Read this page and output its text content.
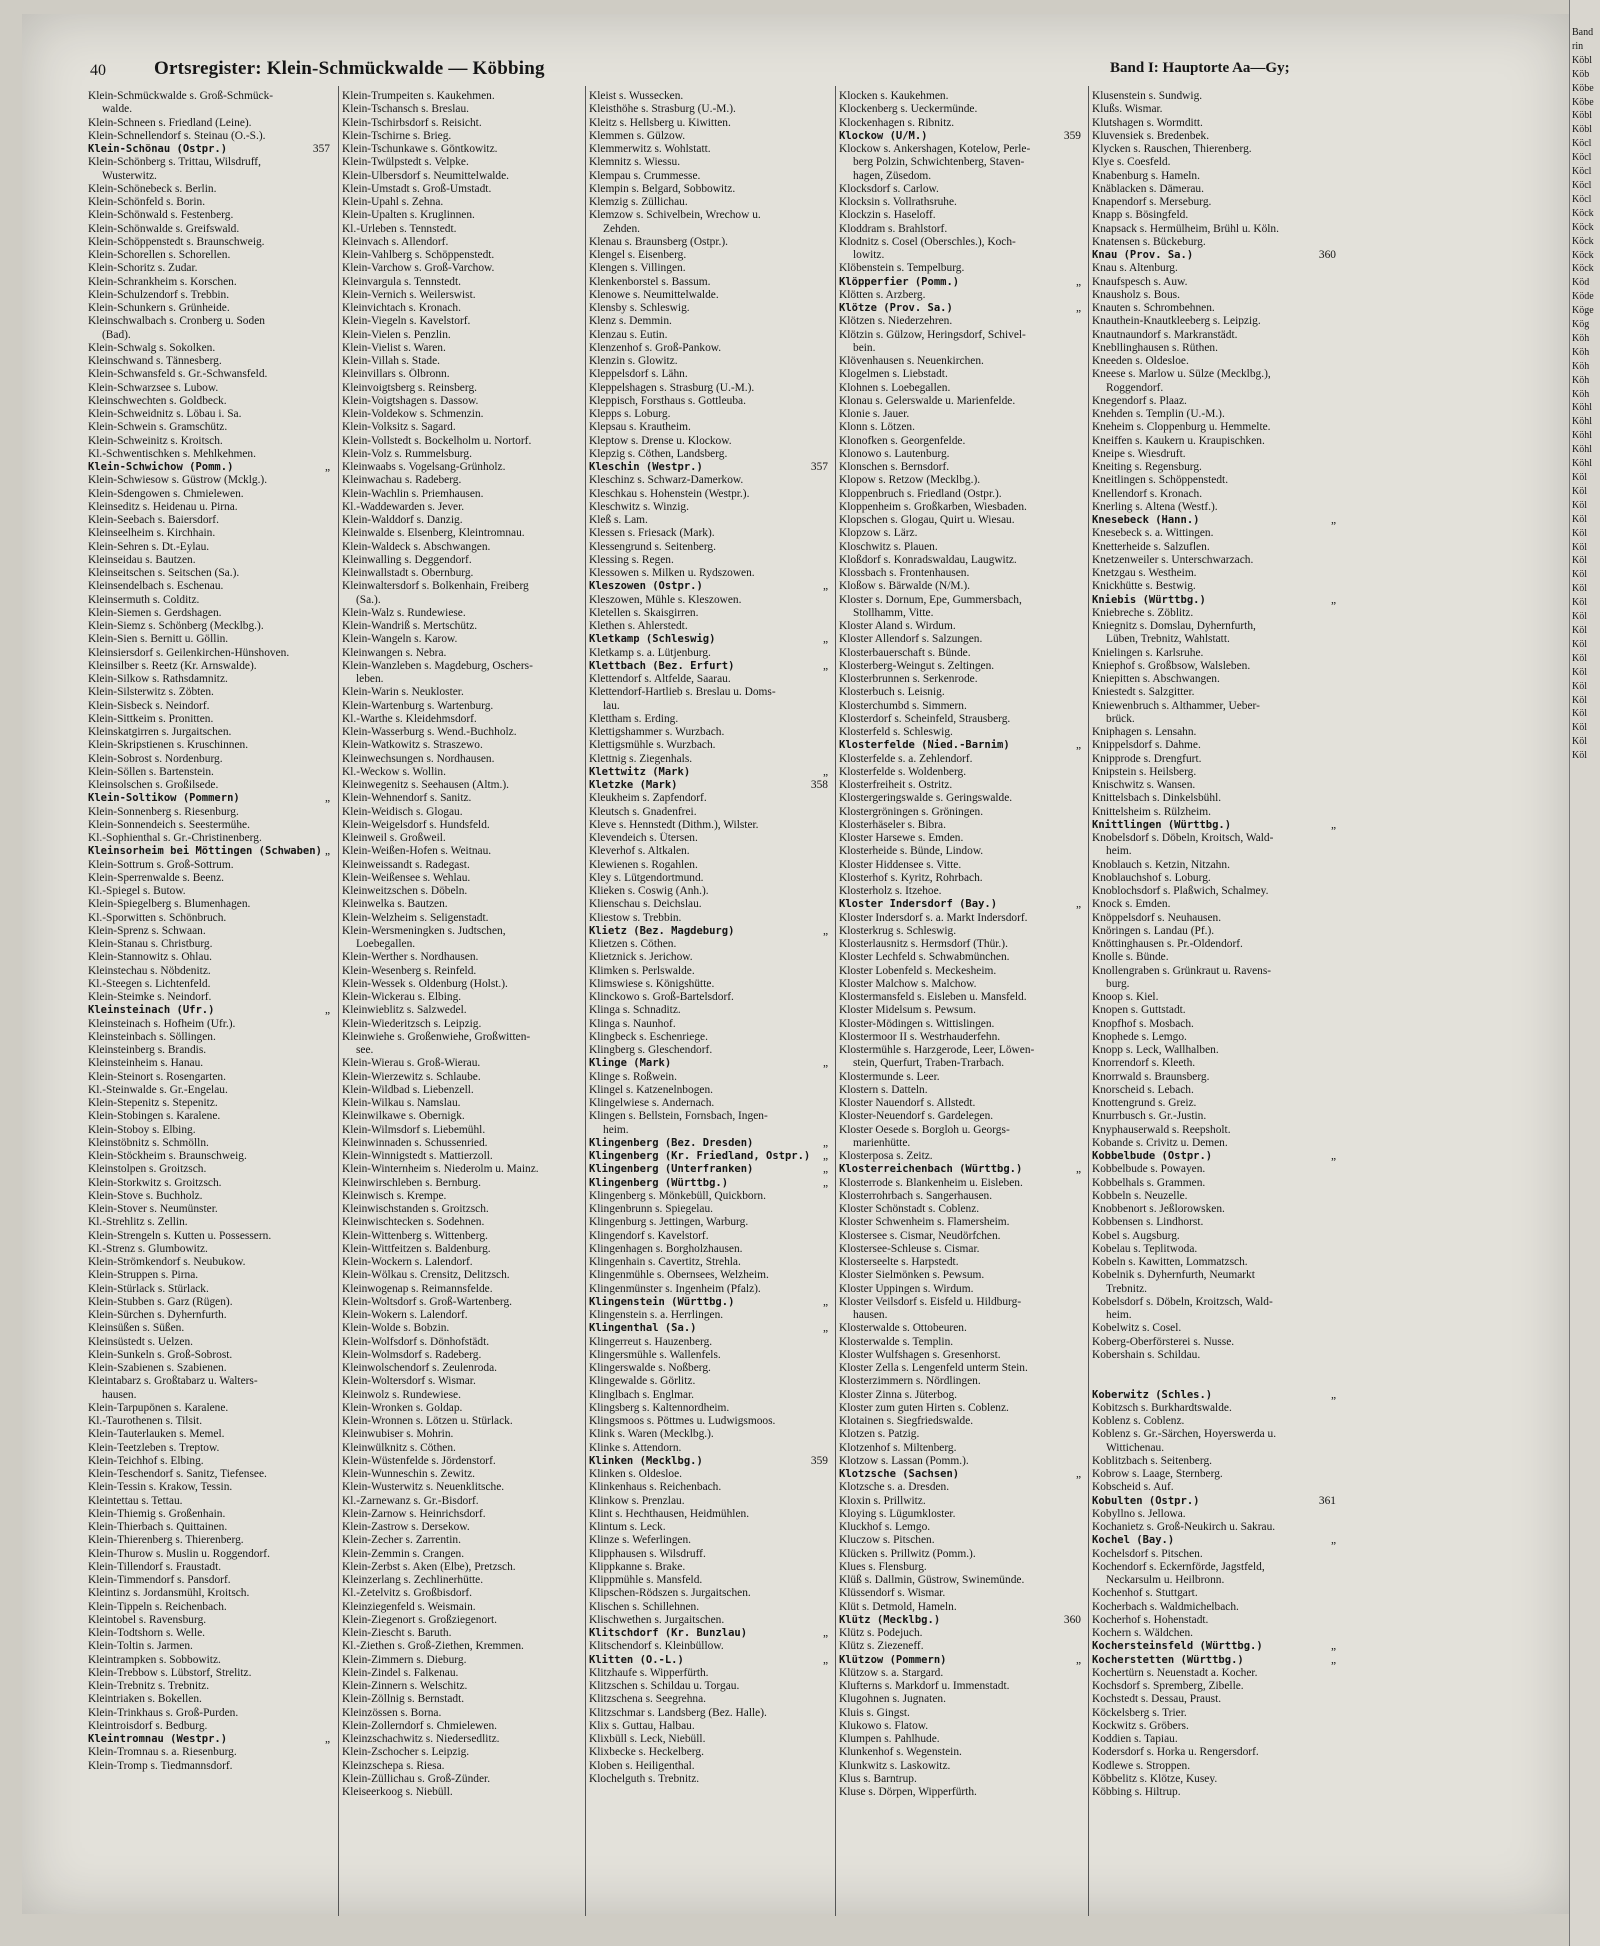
40	Ortsregister: Klein-Schmückwalde — Köbbing	Band I: Hauptorte Aa—Gy;
Klein-Schmückwalde s. Groß-Schmück-
walde.
Klein-Schneen s. Friedland (Leine).
Klein-Schnellendorf s. Steinau (O.-S.).
357
Klein-Schönau (Ostpr.)
Klein-Schönberg s. Trittau, Wilsdruff,
Wusterwitz.
Klein-Schönebeck s. Berlin.
Klein-Schönfeld s. Borin.
Klein-Schönwald s. Festenberg.
Klein-Schönwalde s. Greifswald.
Klein-Schöppenstedt s. Braunschweig.
Klein-Schorellen s. Schorellen.
Klein-Schoritz s. Zudar.
Klein-Schrankheim s. Korschen.
Klein-Schulzendorf s. Trebbin.
Klein-Schunkern s. Grünheide.
Kleinschwalbach s. Cronberg u. Soden
(Bad).
Klein-Schwalg s. Sokolken.
Kleinschwand s. Tännesberg.
Klein-Schwansfeld s. Gr.-Schwansfeld.
Klein-Schwarzsee s. Lubow.
Kleinschwechten s. Goldbeck.
Klein-Schweidnitz s. Löbau i. Sa.
Klein-Schwein s. Gramschütz.
Klein-Schweinitz s. Kroitsch.
Kl.-Schwentischken s. Mehlkehmen.
„
Klein-Schwichow (Pomm.)
Klein-Schwiesow s. Güstrow (Mcklg.).
Klein-Sdengowen s. Chmielewen.
Kleinseditz s. Heidenau u. Pirna.
Klein-Seebach s. Baiersdorf.
Kleinseelheim s. Kirchhain.
Klein-Sehren s. Dt.-Eylau.
Kleinseidau s. Bautzen.
Kleinseitschen s. Seitschen (Sa.).
Kleinsendelbach s. Eschenau.
Kleinsermuth s. Colditz.
Klein-Siemen s. Gerdshagen.
Klein-Siemz s. Schönberg (Mecklbg.).
Klein-Sien s. Bernitt u. Göllin.
Kleinsiersdorf s. Geilenkirchen-Hünshoven.
Kleinsilber s. Reetz (Kr. Arnswalde).
Klein-Silkow s. Rathsdamnitz.
Klein-Silsterwitz s. Zöbten.
Klein-Sisbeck s. Neindorf.
Klein-Sittkeim s. Pronitten.
Kleinskatgirren s. Jurgaitschen.
Klein-Skripstienen s. Kruschinnen.
Klein-Sobrost s. Nordenburg.
Klein-Söllen s. Bartenstein.
Kleinsolschen s. Großilsede.
„
Klein-Soltikow (Pommern)
Klein-Sonnenberg s. Riesenburg.
Klein-Sonnendeich s. Seestermühe.
Kl.-Sophienthal s. Gr.-Christinenberg.
„
Kleinsorheim bei Möttingen (Schwaben)
Klein-Sottrum s. Groß-Sottrum.
Klein-Sperrenwalde s. Beenz.
Kl.-Spiegel s. Butow.
Klein-Spiegelberg s. Blumenhagen.
Kl.-Sporwitten s. Schönbruch.
Klein-Sprenz s. Schwaan.
Klein-Stanau s. Christburg.
Klein-Stannowitz s. Ohlau.
Kleinstechau s. Nöbdenitz.
Kl.-Steegen s. Lichtenfeld.
Klein-Steimke s. Neindorf.
„
Kleinsteinach (Ufr.)
Kleinsteinach s. Hofheim (Ufr.).
Kleinsteinbach s. Söllingen.
Kleinsteinberg s. Brandis.
Kleinsteinheim s. Hanau.
Klein-Steinort s. Rosengarten.
Kl.-Steinwalde s. Gr.-Engelau.
Klein-Stepenitz s. Stepenitz.
Klein-Stobingen s. Karalene.
Klein-Stoboy s. Elbing.
Kleinstöbnitz s. Schmölln.
Klein-Stöckheim s. Braunschweig.
Kleinstolpen s. Groitzsch.
Klein-Storkwitz s. Groitzsch.
Klein-Stove s. Buchholz.
Klein-Stover s. Neumünster.
Kl.-Strehlitz s. Zellin.
Klein-Strengeln s. Kutten u. Possessern.
Kl.-Strenz s. Glumbowitz.
Klein-Strömkendorf s. Neubukow.
Klein-Struppen s. Pirna.
Klein-Stürlack s. Stürlack.
Klein-Stubben s. Garz (Rügen).
Klein-Sürchen s. Dyhernfurth.
Kleinsüßen s. Süßen.
Kleinsüstedt s. Uelzen.
Klein-Sunkeln s. Groß-Sobrost.
Klein-Szabienen s. Szabienen.
Kleintabarz s. Großtabarz u. Walters-
hausen.
Klein-Tarpupönen s. Karalene.
Kl.-Taurothenen s. Tilsit.
Klein-Tauterlauken s. Memel.
Klein-Teetzleben s. Treptow.
Klein-Teichhof s. Elbing.
Klein-Teschendorf s. Sanitz, Tiefensee.
Klein-Tessin s. Krakow, Tessin.
Kleintettau s. Tettau.
Klein-Thiemig s. Großenhain.
Klein-Thierbach s. Quittainen.
Klein-Thierenberg s. Thierenberg.
Klein-Thurow s. Muslin u. Roggendorf.
Klein-Tillendorf s. Fraustadt.
Klein-Timmendorf s. Pansdorf.
Kleintinz s. Jordansmühl, Kroitsch.
Klein-Tippeln s. Reichenbach.
Kleintobel s. Ravensburg.
Klein-Todtshorn s. Welle.
Klein-Toltin s. Jarmen.
Kleintrampken s. Sobbowitz.
Klein-Trebbow s. Lübstorf, Strelitz.
Klein-Trebnitz s. Trebnitz.
Kleintriaken s. Bokellen.
Klein-Trinkhaus s. Groß-Purden.
Kleintroisdorf s. Bedburg.
„
Kleintromnau (Westpr.)
Klein-Tromnau s. a. Riesenburg.
Klein-Tromp s. Tiedmannsdorf.
Klein-Trumpeiten s. Kaukehmen.
Klein-Tschansch s. Breslau.
Klein-Tschirbsdorf s. Reisicht.
Klein-Tschirne s. Brieg.
Klein-Tschunkawe s. Göntkowitz.
Klein-Twülpstedt s. Velpke.
Klein-Ulbersdorf s. Neumittelwalde.
Klein-Umstadt s. Groß-Umstadt.
Klein-Upahl s. Zehna.
Klein-Upalten s. Kruglinnen.
Kl.-Urleben s. Tennstedt.
Kleinvach s. Allendorf.
Klein-Vahlberg s. Schöppenstedt.
Klein-Varchow s. Groß-Varchow.
Kleinvargula s. Tennstedt.
Klein-Vernich s. Weilerswist.
Kleinvichtach s. Kronach.
Klein-Viegeln s. Kavelstorf.
Klein-Vielen s. Penzlin.
Klein-Vielist s. Waren.
Klein-Villah s. Stade.
Kleinvillars s. Ölbronn.
Kleinvoigtsberg s. Reinsberg.
Klein-Voigtshagen s. Dassow.
Klein-Voldekow s. Schmenzin.
Klein-Volksitz s. Sagard.
Klein-Vollstedt s. Bockelholm u. Nortorf.
Klein-Volz s. Rummelsburg.
Kleinwaabs s. Vogelsang-Grünholz.
Kleinwachau s. Radeberg.
Klein-Wachlin s. Priemhausen.
Kl.-Waddewarden s. Jever.
Klein-Walddorf s. Danzig.
Kleinwalde s. Elsenberg, Kleintromnau.
Klein-Waldeck s. Abschwangen.
Kleinwalling s. Deggendorf.
Kleinwallstadt s. Obernburg.
Kleinwaltersdorf s. Bolkenhain, Freiberg
(Sa.).
Klein-Walz s. Rundewiese.
Klein-Wandriß s. Mertschütz.
Klein-Wangeln s. Karow.
Kleinwangen s. Nebra.
Klein-Wanzleben s. Magdeburg, Oschers-
leben.
Klein-Warin s. Neukloster.
Klein-Wartenburg s. Wartenburg.
Kl.-Warthe s. Kleidehmsdorf.
Klein-Wasserburg s. Wend.-Buchholz.
Klein-Watkowitz s. Straszewo.
Kleinwechsungen s. Nordhausen.
Kl.-Weckow s. Wollin.
Kleinwegenitz s. Seehausen (Altm.).
Klein-Wehnendorf s. Sanitz.
Klein-Weidisch s. Glogau.
Klein-Weigelsdorf s. Hundsfeld.
Kleinweil s. Großweil.
Klein-Weißen-Hofen s. Weitnau.
Kleinweissandt s. Radegast.
Klein-Weißensee s. Wehlau.
Kleinweitzschen s. Döbeln.
Kleinwelka s. Bautzen.
Klein-Welzheim s. Seligenstadt.
Klein-Wersmeningken s. Judtschen,
Loebegallen.
Klein-Werther s. Nordhausen.
Klein-Wesenberg s. Reinfeld.
Klein-Wessek s. Oldenburg (Holst.).
Klein-Wickerau s. Elbing.
Kleinwieblitz s. Salzwedel.
Klein-Wiederitzsch s. Leipzig.
Kleinwiehe s. Großenwiehe, Großwitten-
see.
Klein-Wierau s. Groß-Wierau.
Klein-Wierzewitz s. Schlaube.
Klein-Wildbad s. Liebenzell.
Klein-Wilkau s. Namslau.
Kleinwilkawe s. Obernigk.
Klein-Wilmsdorf s. Liebemühl.
Kleinwinnaden s. Schussenried.
Klein-Winnigstedt s. Mattierzoll.
Klein-Winternheim s. Niederolm u. Mainz.
Kleinwirschleben s. Bernburg.
Kleinwisch s. Krempe.
Kleinwischstanden s. Groitzsch.
Kleinwischtecken s. Sodehnen.
Klein-Wittenberg s. Wittenberg.
Klein-Wittfeitzen s. Baldenburg.
Klein-Wockern s. Lalendorf.
Klein-Wölkau s. Crensitz, Delitzsch.
Kleinwogenap s. Reimannsfelde.
Klein-Woltsdorf s. Groß-Wartenberg.
Klein-Wokern s. Lalendorf.
Klein-Wolde s. Bobzin.
Klein-Wolfsdorf s. Dönhofstädt.
Klein-Wolmsdorf s. Radeberg.
Kleinwolschendorf s. Zeulenroda.
Klein-Woltersdorf s. Wismar.
Kleinwolz s. Rundewiese.
Klein-Wronken s. Goldap.
Klein-Wronnen s. Lötzen u. Stürlack.
Kleinwubiser s. Mohrin.
Kleinwülknitz s. Cöthen.
Klein-Wüstenfelde s. Jördenstorf.
Klein-Wunneschin s. Zewitz.
Klein-Wusterwitz s. Neuenklitsche.
Kl.-Zarnewanz s. Gr.-Bisdorf.
Klein-Zarnow s. Heinrichsdorf.
Klein-Zastrow s. Dersekow.
Klein-Zecher s. Zarrentin.
Klein-Zemmin s. Crangen.
Klein-Zerbst s. Aken (Elbe), Pretzsch.
Kleinzerlang s. Zechlinerhütte.
Kl.-Zetelvitz s. Großbisdorf.
Kleinziegenfeld s. Weismain.
Klein-Ziegenort s. Großziegenort.
Klein-Ziescht s. Baruth.
Kl.-Ziethen s. Groß-Ziethen, Kremmen.
Klein-Zimmern s. Dieburg.
Klein-Zindel s. Falkenau.
Klein-Zinnern s. Welschitz.
Klein-Zöllnig s. Bernstadt.
Kleinzössen s. Borna.
Klein-Zollerndorf s. Chmielewen.
Kleinzschachwitz s. Niedersedlitz.
Klein-Zschocher s. Leipzig.
Kleinzschepa s. Riesa.
Klein-Züllichau s. Groß-Zünder.
Kleiseerkoog s. Niebüll.
Kleist s. Wussecken.
Kleisthöhe s. Strasburg (U.-M.).
Kleitz s. Hellsberg u. Kiwitten.
Klemmen s. Gülzow.
Klemmerwitz s. Wohlstatt.
Klemnitz s. Wiessu.
Klempau s. Crummesse.
Klempin s. Belgard, Sobbowitz.
Klemzig s. Züllichau.
Klemzow s. Schivelbein, Wrechow u.
Zehden.
Klenau s. Braunsberg (Ostpr.).
Klengel s. Eisenberg.
Klengen s. Villingen.
Klenkenborstel s. Bassum.
Klenowe s. Neumittelwalde.
Klensby s. Schleswig.
Klenz s. Demmin.
Klenzau s. Eutin.
Klenzenhof s. Groß-Pankow.
Klenzin s. Glowitz.
Kleppelsdorf s. Lähn.
Kleppelshagen s. Strasburg (U.-M.).
Kleppisch, Forsthaus s. Gottleuba.
Klepps s. Loburg.
Klepsau s. Krautheim.
Kleptow s. Drense u. Klockow.
Klepzig s. Cöthen, Landsberg.
357
Kleschin (Westpr.)
Kleschinz s. Schwarz-Damerkow.
Kleschkau s. Hohenstein (Westpr.).
Kleschwitz s. Winzig.
Kleß s. Lam.
Klessen s. Friesack (Mark).
Klessengrund s. Seitenberg.
Klessing s. Regen.
Klessowen s. Milken u. Rydszowen.
„
Kleszowen (Ostpr.)
Kleszowen, Mühle s. Kleszowen.
Kletellen s. Skaisgirren.
Klethen s. Ahlerstedt.
„
Kletkamp (Schleswig)
Kletkamp s. a. Lütjenburg.
„
Klettbach (Bez. Erfurt)
Klettendorf s. Altfelde, Saarau.
Klettendorf-Hartlieb s. Breslau u. Doms-
lau.
Klettham s. Erding.
Klettigshammer s. Wurzbach.
Klettigsmühle s. Wurzbach.
Klettnig s. Ziegenhals.
„
Klettwitz (Mark)
358
Kletzke (Mark)
Kleukheim s. Zapfendorf.
Kleutsch s. Gnadenfrei.
Kleve s. Hennstedt (Dithm.), Wilster.
Klevendeich s. Ütersen.
Kleverhof s. Altkalen.
Klewienen s. Rogahlen.
Kley s. Lütgendortmund.
Klieken s. Coswig (Anh.).
Klienschau s. Deichslau.
Kliestow s. Trebbin.
„
Klietz (Bez. Magdeburg)
Klietzen s. Cöthen.
Klietznick s. Jerichow.
Klimken s. Perlswalde.
Klimswiese s. Königshütte.
Klinckowo s. Groß-Bartelsdorf.
Klinga s. Schnaditz.
Klinga s. Naunhof.
Klingbeck s. Eschenriege.
Klingberg s. Gleschendorf.
„
Klinge (Mark)
Klinge s. Roßwein.
Klingel s. Katzenelnbogen.
Klingelwiese s. Andernach.
Klingen s. Bellstein, Fornsbach, Ingen-
heim.
„
Klingenberg (Bez. Dresden)
„
Klingenberg (Kr. Friedland, Ostpr.)
„
Klingenberg (Unterfranken)
„
Klingenberg (Württbg.)
Klingenberg s. Mönkebüll, Quickborn.
Klingenbrunn s. Spiegelau.
Klingenburg s. Jettingen, Warburg.
Klingendorf s. Kavelstorf.
Klingenhagen s. Borgholzhausen.
Klingenhain s. Cavertitz, Strehla.
Klingenmühle s. Obernsees, Welzheim.
Klingenmünster s. Ingenheim (Pfalz).
„
Klingenstein (Württbg.)
Klingenstein s. a. Herrlingen.
„
Klingenthal (Sa.)
Klingerreut s. Hauzenberg.
Klingersmühle s. Wallenfels.
Klingerswalde s. Noßberg.
Klingewalde s. Görlitz.
Klinglbach s. Englmar.
Klingsberg s. Kaltennordheim.
Klingsmoos s. Pöttmes u. Ludwigsmoos.
Klink s. Waren (Mecklbg.).
Klinke s. Attendorn.
359
Klinken (Mecklbg.)
Klinken s. Oldesloe.
Klinkenhaus s. Reichenbach.
Klinkow s. Prenzlau.
Klint s. Hechthausen, Heidmühlen.
Klintum s. Leck.
Klinze s. Weferlingen.
Klipphausen s. Wilsdruff.
Klippkanne s. Brake.
Klippmühle s. Mansfeld.
Klipschen-Rödszen s. Jurgaitschen.
Klischen s. Schillehnen.
Klischwethen s. Jurgaitschen.
„
Klitschdorf (Kr. Bunzlau)
Klitschendorf s. Kleinbüllow.
„
Klitten (O.-L.)
Klitzhaufe s. Wipperfürth.
Klitzschen s. Schildau u. Torgau.
Klitzschena s. Seegrehna.
Klitzschmar s. Landsberg (Bez. Halle).
Klix s. Guttau, Halbau.
Klixbüll s. Leck, Niebüll.
Klixbecke s. Heckelberg.
Kloben s. Heiligenthal.
Klochelguth s. Trebnitz.
Klocken s. Kaukehmen.
Klockenberg s. Ueckermünde.
Klockenhagen s. Ribnitz.
359
Klockow (U/M.)
Klockow s. Ankershagen, Kotelow, Perle-
berg Polzin, Schwichtenberg, Staven-
hagen, Züsedom.
Klocksdorf s. Carlow.
Klocksin s. Vollrathsruhe.
Klockzin s. Haseloff.
Kloddram s. Brahlstorf.
Klodnitz s. Cosel (Oberschles.), Koch-
lowitz.
Klöbenstein s. Tempelburg.
„
Klöpperfier (Pomm.)
Klötten s. Arzberg.
„
Klötze (Prov. Sa.)
Klötzen s. Niederzehren.
Klötzin s. Gülzow, Heringsdorf, Schivel-
bein.
Klövenhausen s. Neuenkirchen.
Klogelmen s. Liebstadt.
Klohnen s. Loebegallen.
Klonau s. Gelerswalde u. Marienfelde.
Klonie s. Jauer.
Klonn s. Lötzen.
Klonofken s. Georgenfelde.
Klonowo s. Lautenburg.
Klonschen s. Bernsdorf.
Klopow s. Retzow (Mecklbg.).
Kloppenbruch s. Friedland (Ostpr.).
Kloppenheim s. Großkarben, Wiesbaden.
Klopschen s. Glogau, Quirt u. Wiesau.
Klopzow s. Lärz.
Kloschwitz s. Plauen.
Kloßdorf s. Konradswaldau, Laugwitz.
Klossbach s. Frontenhausen.
Kloßow s. Bärwalde (N/M.).
Kloster s. Dornum, Epe, Gummersbach,
Stollhamm, Vitte.
Kloster Aland s. Wirdum.
Kloster Allendorf s. Salzungen.
Klosterbauerschaft s. Bünde.
Klosterberg-Weingut s. Zeltingen.
Klosterbrunnen s. Serkenrode.
Klosterbuch s. Leisnig.
Klosterchumbd s. Simmern.
Klosterdorf s. Scheinfeld, Strausberg.
Klosterfeld s. Schleswig.
„
Klosterfelde (Nied.-Barnim)
Klosterfelde s. a. Zehlendorf.
Klosterfelde s. Woldenberg.
Klosterfreiheit s. Ostritz.
Klostergeringswalde s. Geringswalde.
Klostergröningen s. Gröningen.
Klosterhäseler s. Bibra.
Kloster Harsewe s. Emden.
Klosterheide s. Bünde, Lindow.
Kloster Hiddensee s. Vitte.
Klosterhof s. Kyritz, Rohrbach.
Klosterholz s. Itzehoe.
„
Kloster Indersdorf (Bay.)
Kloster Indersdorf s. a. Markt Indersdorf.
Klosterkrug s. Schleswig.
Klosterlausnitz s. Hermsdorf (Thür.).
Kloster Lechfeld s. Schwabmünchen.
Kloster Lobenfeld s. Meckesheim.
Kloster Malchow s. Malchow.
Klostermansfeld s. Eisleben u. Mansfeld.
Kloster Midelsum s. Pewsum.
Kloster-Mödingen s. Wittislingen.
Klostermoor II s. Westrhauderfehn.
Klostermühle s. Harzgerode, Leer, Löwen-
stein, Querfurt, Traben-Trarbach.
Klostermunde s. Leer.
Klostern s. Datteln.
Kloster Nauendorf s. Allstedt.
Kloster-Neuendorf s. Gardelegen.
Kloster Oesede s. Borgloh u. Georgs-
marienhütte.
Klosterposa s. Zeitz.
„
Klosterreichenbach (Württbg.)
Klosterrode s. Blankenheim u. Eisleben.
Klosterrohrbach s. Sangerhausen.
Kloster Schönstadt s. Coblenz.
Kloster Schwenheim s. Flamersheim.
Klostersee s. Cismar, Neudörfchen.
Klostersee-Schleuse s. Cismar.
Klosterseelte s. Harpstedt.
Kloster Sielmönken s. Pewsum.
Kloster Uppingen s. Wirdum.
Kloster Veilsdorf s. Eisfeld u. Hildburg-
hausen.
Klosterwalde s. Ottobeuren.
Klosterwalde s. Templin.
Kloster Wulfshagen s. Gresenhorst.
Kloster Zella s. Lengenfeld unterm Stein.
Klosterzimmern s. Nördlingen.
Kloster Zinna s. Jüterbog.
Kloster zum guten Hirten s. Coblenz.
Klotainen s. Siegfriedswalde.
Klotzen s. Patzig.
Klotzenhof s. Miltenberg.
Klotzow s. Lassan (Pomm.).
„
Klotzsche (Sachsen)
Klotzsche s. a. Dresden.
Kloxin s. Prillwitz.
Kloying s. Lügumkloster.
Kluckhof s. Lemgo.
Kluczow s. Pitschen.
Klücken s. Prillwitz (Pomm.).
Klues s. Flensburg.
Klüß s. Dallmin, Güstrow, Swinemünde.
Klüssendorf s. Wismar.
Klüt s. Detmold, Hameln.
360
Klütz (Mecklbg.)
Klütz s. Podejuch.
Klütz s. Ziezeneff.
„
Klützow (Pommern)
Klützow s. a. Stargard.
Klufterns s. Markdorf u. Immenstadt.
Klugohnen s. Jugnaten.
Kluis s. Gingst.
Klukowo s. Flatow.
Klumpen s. Pahlhude.
Klunkenhof s. Wegenstein.
Klunkwitz s. Laskowitz.
Klus s. Barntrup.
Kluse s. Dörpen, Wipperfürth.
Klusenstein s. Sundwig.
Klußs. Wismar.
Klutshagen s. Wormditt.
Kluvensiek s. Bredenbek.
Klycken s. Rauschen, Thierenberg.
Klye s. Coesfeld.
Knabenburg s. Hameln.
Knäblacken s. Dämerau.
Knapendorf s. Merseburg.
Knapp s. Bösingfeld.
Knapsack s. Hermülheim, Brühl u. Köln.
Knatensen s. Bückeburg.
360
Knau (Prov. Sa.)
Knau s. Altenburg.
Knaufspesch s. Auw.
Knausholz s. Bous.
Knauten s. Schrombehnen.
Knauthein-Knautkleeberg s. Leipzig.
Knautnaundorf s. Markranstädt.
Knebllinghausen s. Rüthen.
Kneeden s. Oldesloe.
Kneese s. Marlow u. Sülze (Mecklbg.),
Roggendorf.
Knegendorf s. Plaaz.
Knehden s. Templin (U.-M.).
Kneheim s. Cloppenburg u. Hemmelte.
Kneiffen s. Kaukern u. Kraupischken.
Kneipe s. Wiesdruft.
Kneiting s. Regensburg.
Kneitlingen s. Schöppenstedt.
Knellendorf s. Kronach.
Knerling s. Altena (Westf.).
„
Knesebeck (Hann.)
Knesebeck s. a. Wittingen.
Knetterheide s. Salzuflen.
Knetzenweiler s. Unterschwarzach.
Knetzgau s. Westheim.
Knickhütte s. Bestwig.
„
Kniebis (Württbg.)
Kniebreche s. Zöblitz.
Kniegnitz s. Domslau, Dyhernfurth,
Lüben, Trebnitz, Wahlstatt.
Knielingen s. Karlsruhe.
Kniephof s. Großbsow, Walsleben.
Kniepitten s. Abschwangen.
Kniestedt s. Salzgitter.
Kniewenbruch s. Althammer, Ueber-
brück.
Kniphagen s. Lensahn.
Knippelsdorf s. Dahme.
Knipprode s. Drengfurt.
Knipstein s. Heilsberg.
Knischwitz s. Wansen.
Knittelsbach s. Dinkelsbühl.
Knittelsheim s. Rülzheim.
„
Knittlingen (Württbg.)
Knobelsdorf s. Döbeln, Kroitsch, Wald-
heim.
Knoblauch s. Ketzin, Nitzahn.
Knoblauchshof s. Loburg.
Knoblochsdorf s. Plaßwich, Schalmey.
Knock s. Emden.
Knöppelsdorf s. Neuhausen.
Knöringen s. Landau (Pf.).
Knöttinghausen s. Pr.-Oldendorf.
Knolle s. Bünde.
Knollengraben s. Grünkraut u. Ravens-
burg.
Knoop s. Kiel.
Knopen s. Guttstadt.
Knopfhof s. Mosbach.
Knophede s. Lemgo.
Knopp s. Leck, Wallhalben.
Knorrendorf s. Kleeth.
Knorrwald s. Braunsberg.
Knorscheid s. Lebach.
Knottengrund s. Greiz.
Knurrbusch s. Gr.-Justin.
Knyphauserwald s. Reepsholt.
Kobande s. Crivitz u. Demen.
„
Kobbelbude (Ostpr.)
Kobbelbude s. Powayen.
Kobbelhals s. Grammen.
Kobbeln s. Neuzelle.
Knobbenort s. Jeßlorowsken.
Kobbensen s. Lindhorst.
Kobel s. Augsburg.
Kobelau s. Teplitwoda.
Kobeln s. Kawitten, Lommatzsch.
Kobelnik s. Dyhernfurth, Neumarkt
Trebnitz.
Kobelsdorf s. Döbeln, Kroitzsch, Wald-
heim.
Kobelwitz s. Cosel.
Koberg-Oberförsterei s. Nusse.
Kobershain s. Schildau.

„
Koberwitz (Schles.)
Kobitzsch s. Burkhardtswalde.
Koblenz s. Coblenz.
Koblenz s. Gr.-Särchen, Hoyerswerda u.
Wittichenau.
Koblitzbach s. Seitenberg.
Kobrow s. Laage, Sternberg.
Kobscheid s. Auf.
361
Kobulten (Ostpr.)
Kobyllno s. Jellowa.
Kochanietz s. Groß-Neukirch u. Sakrau.
„
Kochel (Bay.)
Kochelsdorf s. Pitschen.
Kochendorf s. Eckernförde, Jagstfeld,
Neckarsulm u. Heilbronn.
Kochenhof s. Stuttgart.
Kocherbach s. Waldmichelbach.
Kocherhof s. Hohenstadt.
Kochern s. Wäldchen.
„
Kochersteinsfeld (Württbg.)
„
Kocherstetten (Württbg.)
Kochertürn s. Neuenstadt a. Kocher.
Kochsdorf s. Spremberg, Zibelle.
Kochstedt s. Dessau, Praust.
Köckelsberg s. Trier.
Kockwitz s. Gröbers.
Koddien s. Tapiau.
Kodersdorf s. Horka u. Rengersdorf.
Kodlewe s. Stroppen.
Köbbelitz s. Klötze, Kusey.
Köbbing s. Hiltrup.
Band
rin
Köbl
Köb
Köbe
Köbe
Köbl
Köbl
Köcl
Köcl
Köcl
Köcl
Köcl
Köck
Köck
Köck
Köck
Köck
Köd
Köde
Köge
Kög
Köh
Köh
Köh
Köh
Köh
Köhl
Köhl
Köhl
Köhl
Köhl
Köl
Köl
Köl
Köl
Köl
Köl
Köl
Köl
Köl
Köl
Köl
Köl
Köl
Köl
Köl
Köl
Köl
Köl
Köl
Köl
Köl
